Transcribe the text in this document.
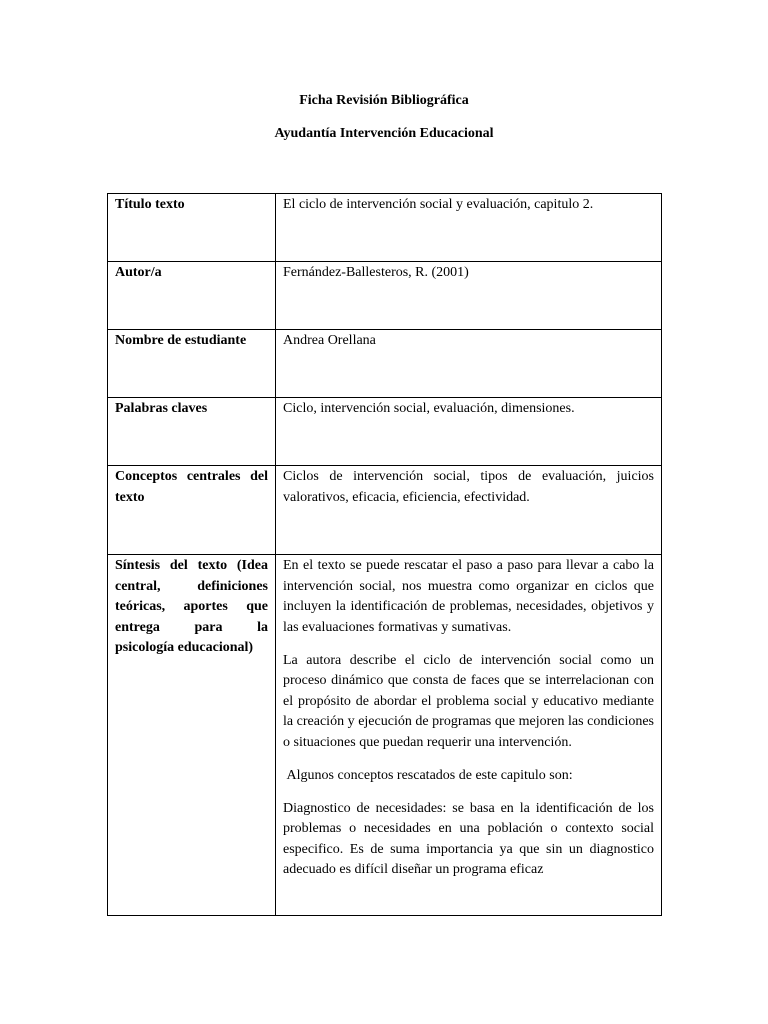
Ficha Revisión Bibliográfica
Ayudantía Intervención Educacional
Título texto	El ciclo de intervención social y evaluación, capitulo 2.
Autor/a	Fernández-Ballesteros, R. (2001)
Nombre de estudiante	Andrea Orellana
Palabras claves	Ciclo, intervención social, evaluación, dimensiones.
Conceptos centrales del texto	Ciclos de intervención social, tipos de evaluación, juicios valorativos, eficacia, eficiencia, efectividad.
Síntesis del texto (Idea central, definiciones teóricas, aportes que entrega para la psicología educacional)	En el texto se puede rescatar el paso a paso para llevar a cabo la intervención social, nos muestra como organizar en ciclos que incluyen la identificación de problemas, necesidades, objetivos y las evaluaciones formativas y sumativas.

La autora describe el ciclo de intervención social como un proceso dinámico que consta de faces que se interrelacionan con el propósito de abordar el problema social y educativo mediante la creación y ejecución de programas que mejoren las condiciones o situaciones que puedan requerir una intervención.

Algunos conceptos rescatados de este capitulo son:

Diagnostico de necesidades: se basa en la identificación de los problemas o necesidades en una población o contexto social especifico. Es de suma importancia ya que sin un diagnostico adecuado es difícil diseñar un programa eficaz
